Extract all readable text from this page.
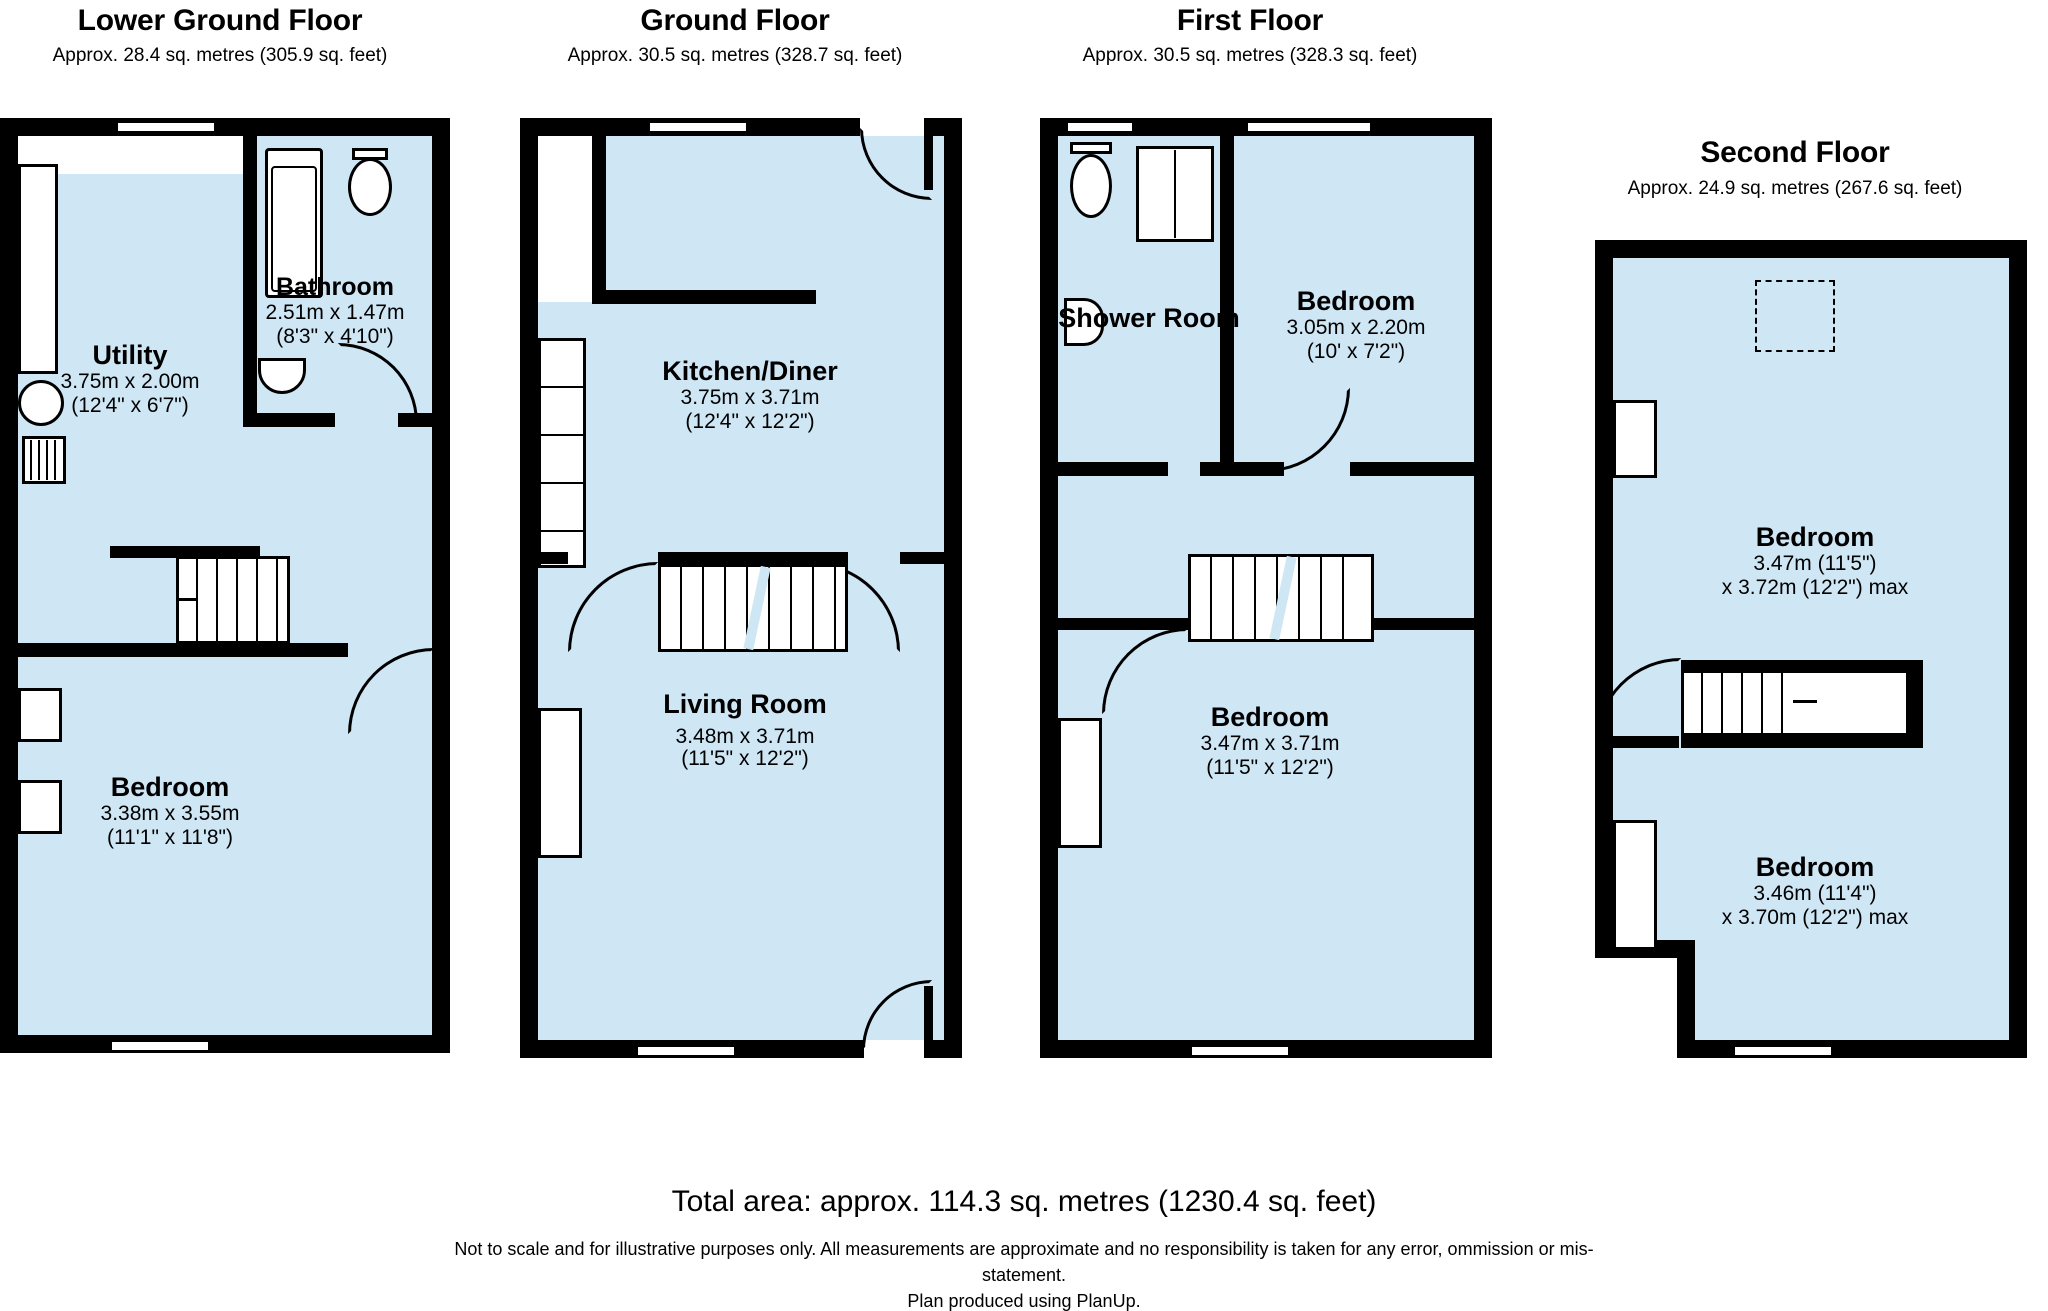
Lower Ground Floor
Approx. 28.4 sq. metres (305.9 sq. feet)
Utility
3.75m x 2.00m
(12'4" x 6'7")
Bathroom
2.51m x 1.47m
(8'3" x 4'10")
Bedroom
3.38m x 3.55m
(11'1" x 11'8")
Ground Floor
Approx. 30.5 sq. metres (328.7 sq. feet)
Kitchen/Diner
3.75m x 3.71m
(12'4" x 12'2")
Living Room
3.48m x 3.71m
(11'5" x 12'2")
First Floor
Approx. 30.5 sq. metres (328.3 sq. feet)
Shower Room
Bedroom
3.05m x 2.20m
(10' x 7'2")
Bedroom
3.47m x 3.71m
(11'5" x 12'2")
Second Floor
Approx. 24.9 sq. metres (267.6 sq. feet)
Bedroom
3.47m (11'5")
x 3.72m (12'2") max
Bedroom
3.46m (11'4")
x 3.70m (12'2") max
Total area: approx. 114.3 sq. metres (1230.4 sq. feet)
Not to scale and for illustrative purposes only. All measurements are approximate and no responsibility is taken for any error, ommission or mis-
statement.
Plan produced using PlanUp.
